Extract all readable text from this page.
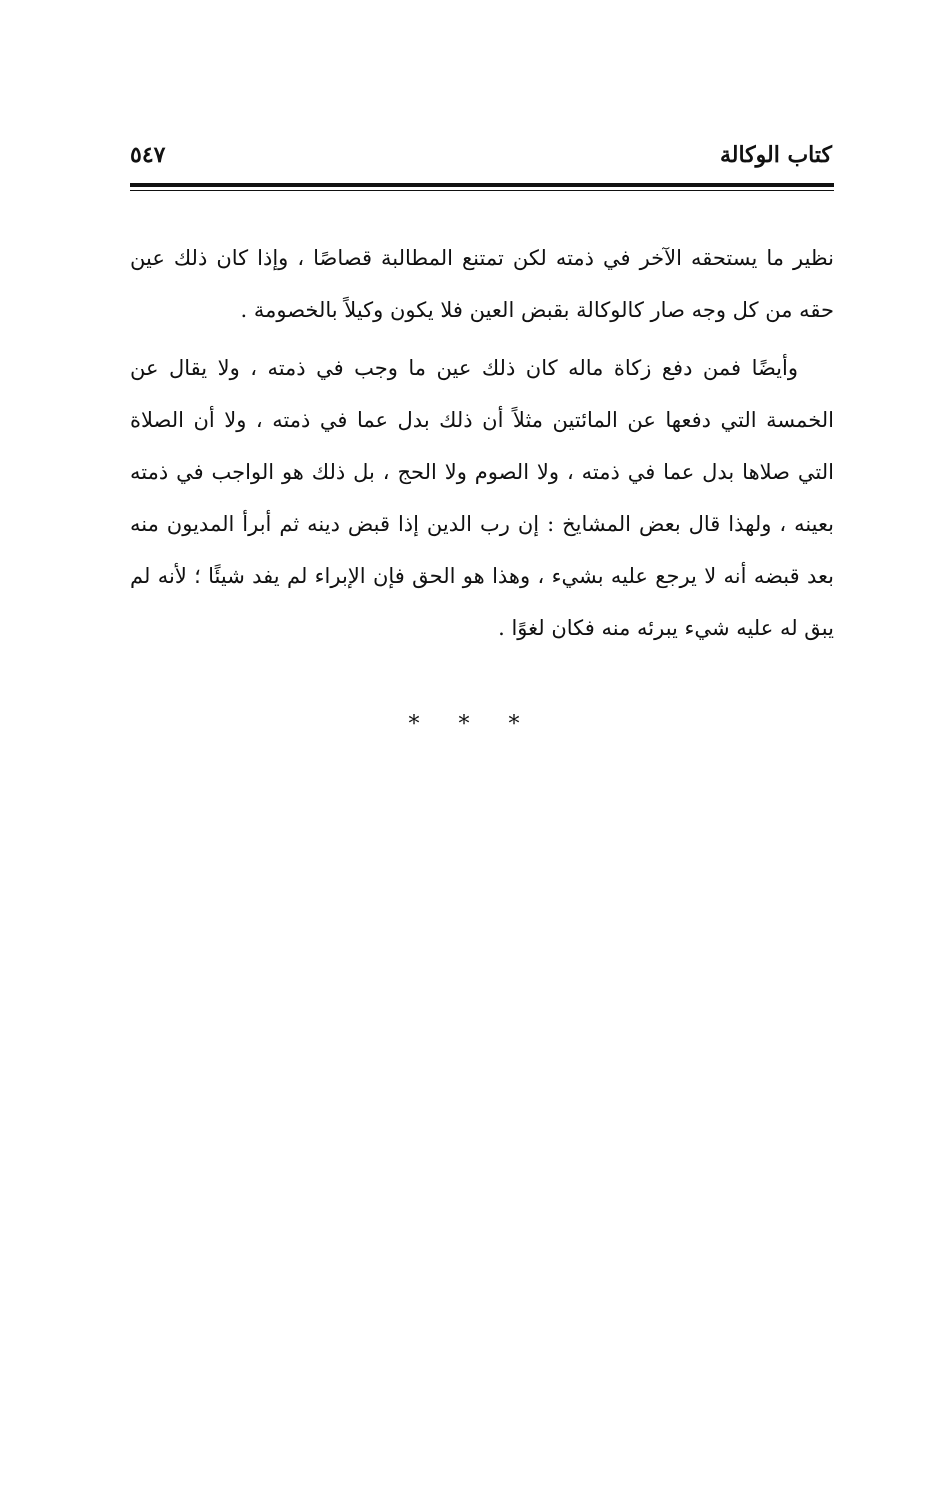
كتاب الوكالة
٥٤٧

نظير ما يستحقه الآخر في ذمته لكن تمتنع المطالبة قصاصًا ، وإذا كان ذلك عين حقه من كل وجه صار كالوكالة بقبض العين فلا يكون وكيلاً بالخصومة .

وأيضًا فمن دفع زكاة ماله كان ذلك عين ما وجب في ذمته ، ولا يقال عن الخمسة التي دفعها عن المائتين مثلاً أن ذلك بدل عما في ذمته ، ولا أن الصلاة التي صلاها بدل عما في ذمته ، ولا الصوم ولا الحج ، بل ذلك هو الواجب في ذمته بعينه ، ولهذا قال بعض المشايخ : إن رب الدين إذا قبض دينه ثم أبرأ المديون منه بعد قبضه أنه لا يرجع عليه بشيء ، وهذا هو الحق فإن الإبراء لم يفد شيئًا ؛ لأنه لم يبق له عليه شيء يبرئه منه فكان لغوًا .

* * *
